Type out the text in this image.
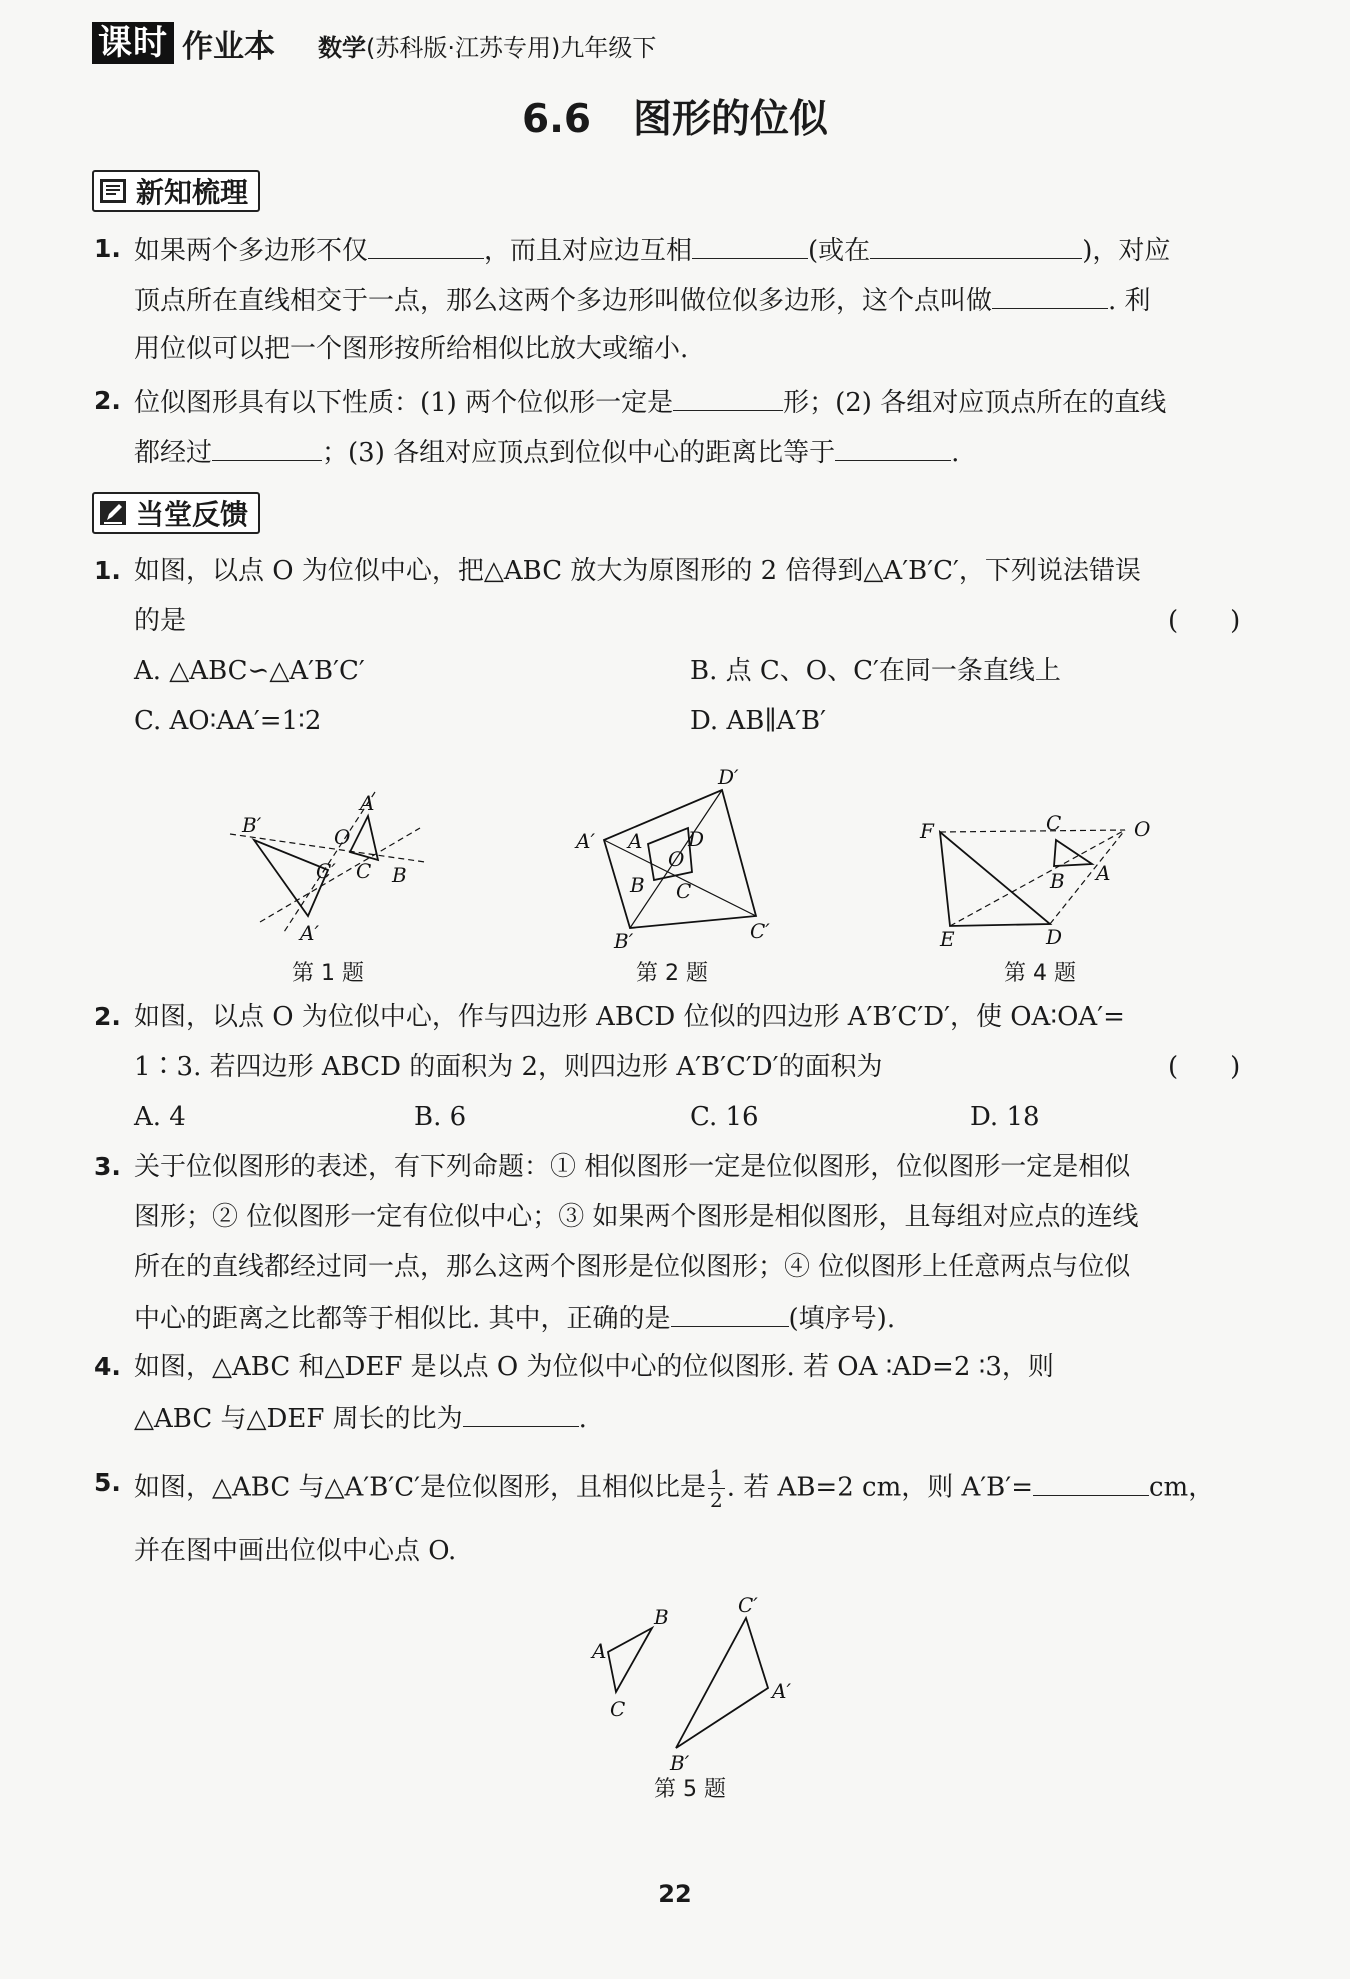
课时 作业本 数学(苏科版·江苏专用)九年级下
6.6 图形的位似
新知梳理
1. 如果两个多边形不仅	，而且对应边互相	(或在	)，对应
顶点所在直线相交于一点，那么这两个多边形叫做位似多边形，这个点叫做	. 利
用位似可以把一个图形按所给相似比放大或缩小.
2. 位似图形具有以下性质：(1) 两个位似形一定是	形；(2) 各组对应顶点所在的直线
都经过	；(3) 各组对应顶点到位似中心的距离比等于	.
当堂反馈
1. 如图，以点 O 为位似中心，把△ABC 放大为原图形的 2 倍得到△A′B′C′，下列说法错误
的是	(　　)
A. △ABC∽△A′B′C′	B. 点 C、O、C′在同一条直线上
C. AO∶AA′=1∶2	D. AB∥A′B′
B′
A
O
C′ C B
A′
第 1 题
D′
A′ A D
O
B C
C′
B′
第 2 题
F	C	O
B A
E	D
第 4 题
2. 如图，以点 O 为位似中心，作与四边形 ABCD 位似的四边形 A′B′C′D′，使 OA∶OA′=
1∶3. 若四边形 ABCD 的面积为 2，则四边形 A′B′C′D′的面积为	(　　)
A. 4	B. 6	C. 16	D. 18
3. 关于位似图形的表述，有下列命题：① 相似图形一定是位似图形，位似图形一定是相似
图形；② 位似图形一定有位似中心；③ 如果两个图形是相似图形，且每组对应点的连线
所在的直线都经过同一点，那么这两个图形是位似图形；④ 位似图形上任意两点与位似
中心的距离之比都等于相似比. 其中，正确的是	(填序号).
4. 如图，△ABC 和△DEF 是以点 O 为位似中心的位似图形. 若 OA ∶AD=2 ∶3，则
△ABC 与△DEF 周长的比为	.
5. 如图，△ABC 与△A′B′C′是位似图形，且相似比是 $\frac{1}{2}$ . 若 AB=2 cm，则 A′B′=	cm，
并在图中画出位似中心点 O.
B
A
C
C′
A′
B′
第 5 题
22
